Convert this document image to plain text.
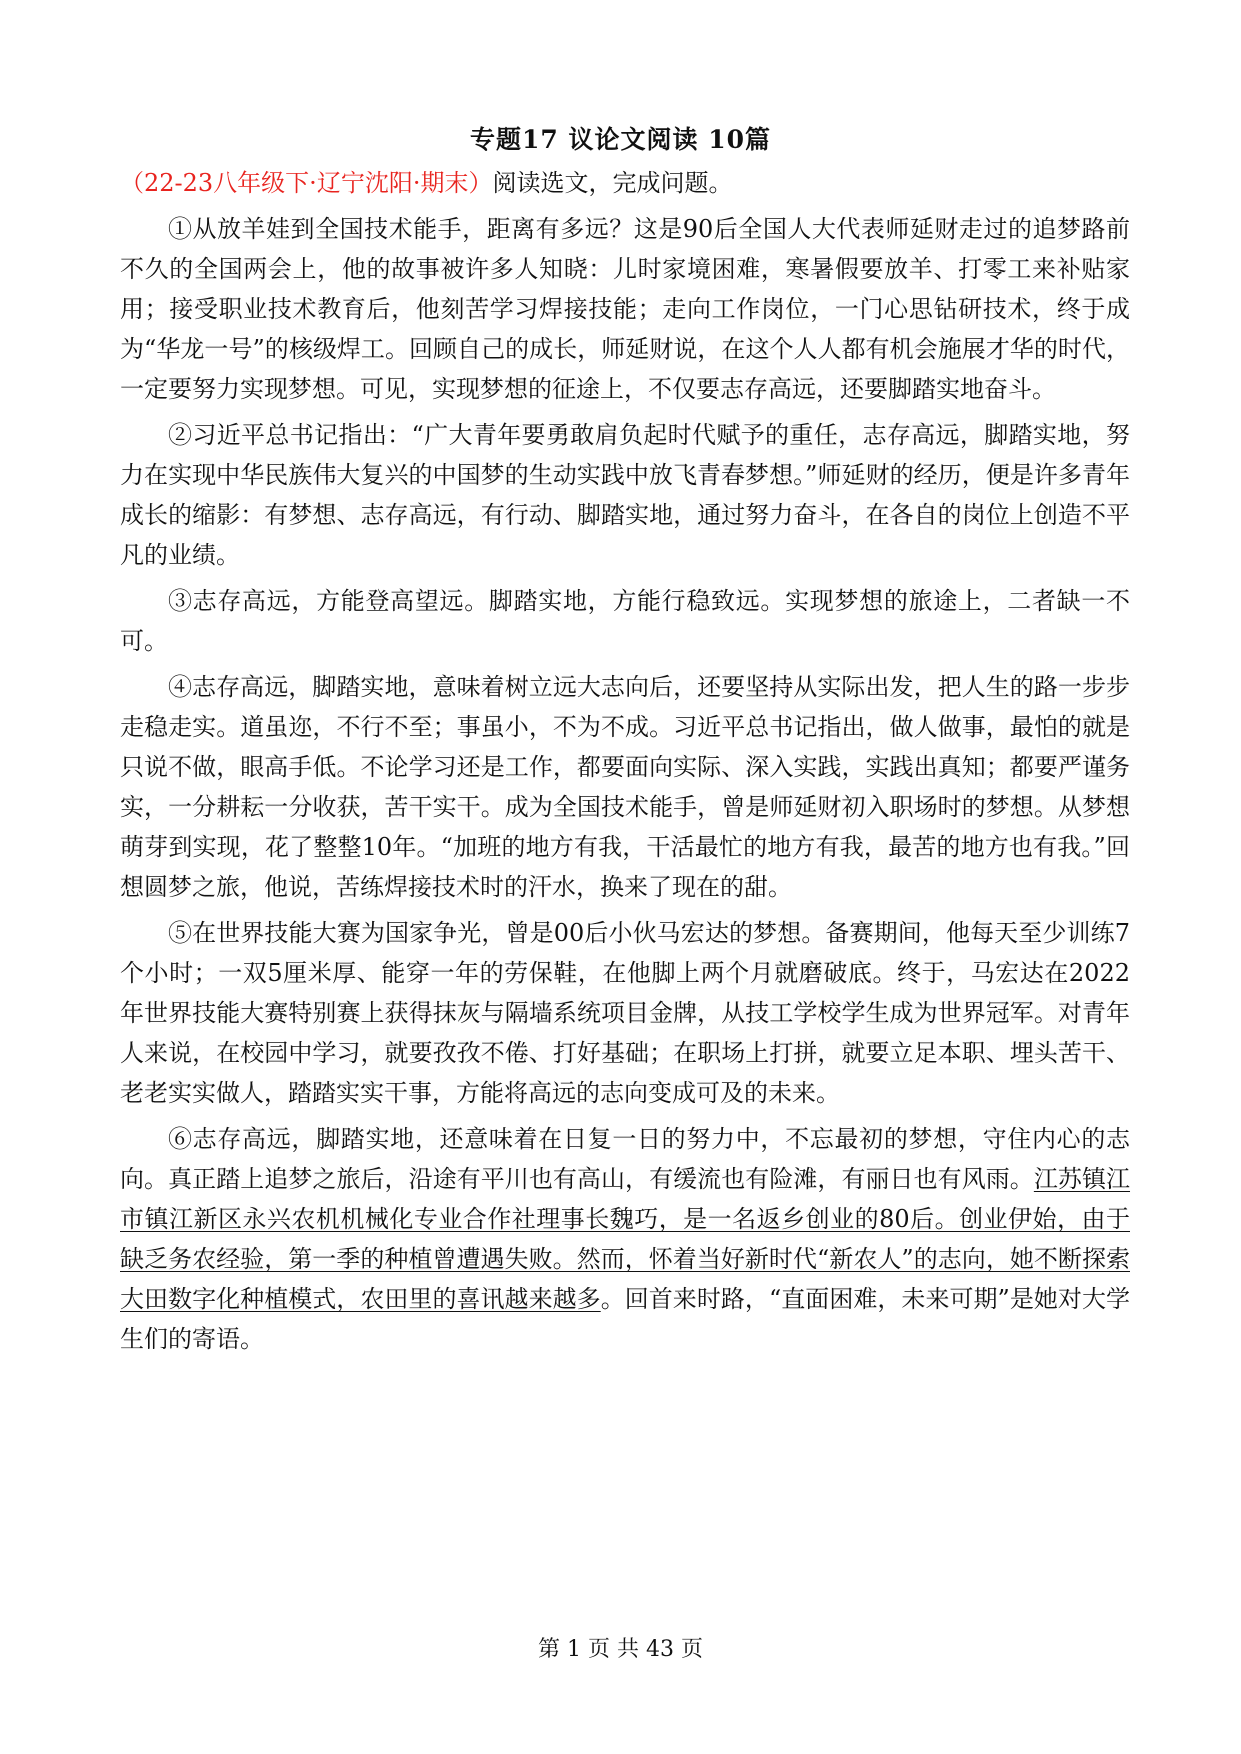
专题17 议论文阅读 10篇

（22-23八年级下·辽宁沈阳·期末）阅读选文，完成问题。

①从放羊娃到全国技术能手，距离有多远？这是90后全国人大代表师延财走过的追梦路前不久的全国两会上，他的故事被许多人知晓：儿时家境困难，寒暑假要放羊、打零工来补贴家用；接受职业技术教育后，他刻苦学习焊接技能；走向工作岗位，一门心思钻研技术，终于成为“华龙一号”的核级焊工。回顾自己的成长，师延财说，在这个人人都有机会施展才华的时代，一定要努力实现梦想。可见，实现梦想的征途上，不仅要志存高远，还要脚踏实地奋斗。

②习近平总书记指出：“广大青年要勇敢肩负起时代赋予的重任，志存高远，脚踏实地，努力在实现中华民族伟大复兴的中国梦的生动实践中放飞青春梦想。”师延财的经历，便是许多青年成长的缩影：有梦想、志存高远，有行动、脚踏实地，通过努力奋斗，在各自的岗位上创造不平凡的业绩。

③志存高远，方能登高望远。脚踏实地，方能行稳致远。实现梦想的旅途上，二者缺一不可。

④志存高远，脚踏实地，意味着树立远大志向后，还要坚持从实际出发，把人生的路一步步走稳走实。道虽迩，不行不至；事虽小，不为不成。习近平总书记指出，做人做事，最怕的就是只说不做，眼高手低。不论学习还是工作，都要面向实际、深入实践，实践出真知；都要严谨务实，一分耕耘一分收获，苦干实干。成为全国技术能手，曾是师延财初入职场时的梦想。从梦想萌芽到实现，花了整整10年。“加班的地方有我，干活最忙的地方有我，最苦的地方也有我。”回想圆梦之旅，他说，苦练焊接技术时的汗水，换来了现在的甜。

⑤在世界技能大赛为国家争光，曾是00后小伙马宏达的梦想。备赛期间，他每天至少训练7个小时；一双5厘米厚、能穿一年的劳保鞋，在他脚上两个月就磨破底。终于，马宏达在2022年世界技能大赛特别赛上获得抹灰与隔墙系统项目金牌，从技工学校学生成为世界冠军。对青年人来说，在校园中学习，就要孜孜不倦、打好基础；在职场上打拼，就要立足本职、埋头苦干、老老实实做人，踏踏实实干事，方能将高远的志向变成可及的未来。

⑥志存高远，脚踏实地，还意味着在日复一日的努力中，不忘最初的梦想，守住内心的志向。真正踏上追梦之旅后，沿途有平川也有高山，有缓流也有险滩，有丽日也有风雨。江苏镇江市镇江新区永兴农机机械化专业合作社理事长魏巧，是一名返乡创业的80后。创业伊始，由于缺乏务农经验，第一季的种植曾遭遇失败。然而，怀着当好新时代“新农人”的志向，她不断探索大田数字化种植模式，农田里的喜讯越来越多。回首来时路，“直面困难，未来可期”是她对大学生们的寄语。

第 1 页 共 43 页
